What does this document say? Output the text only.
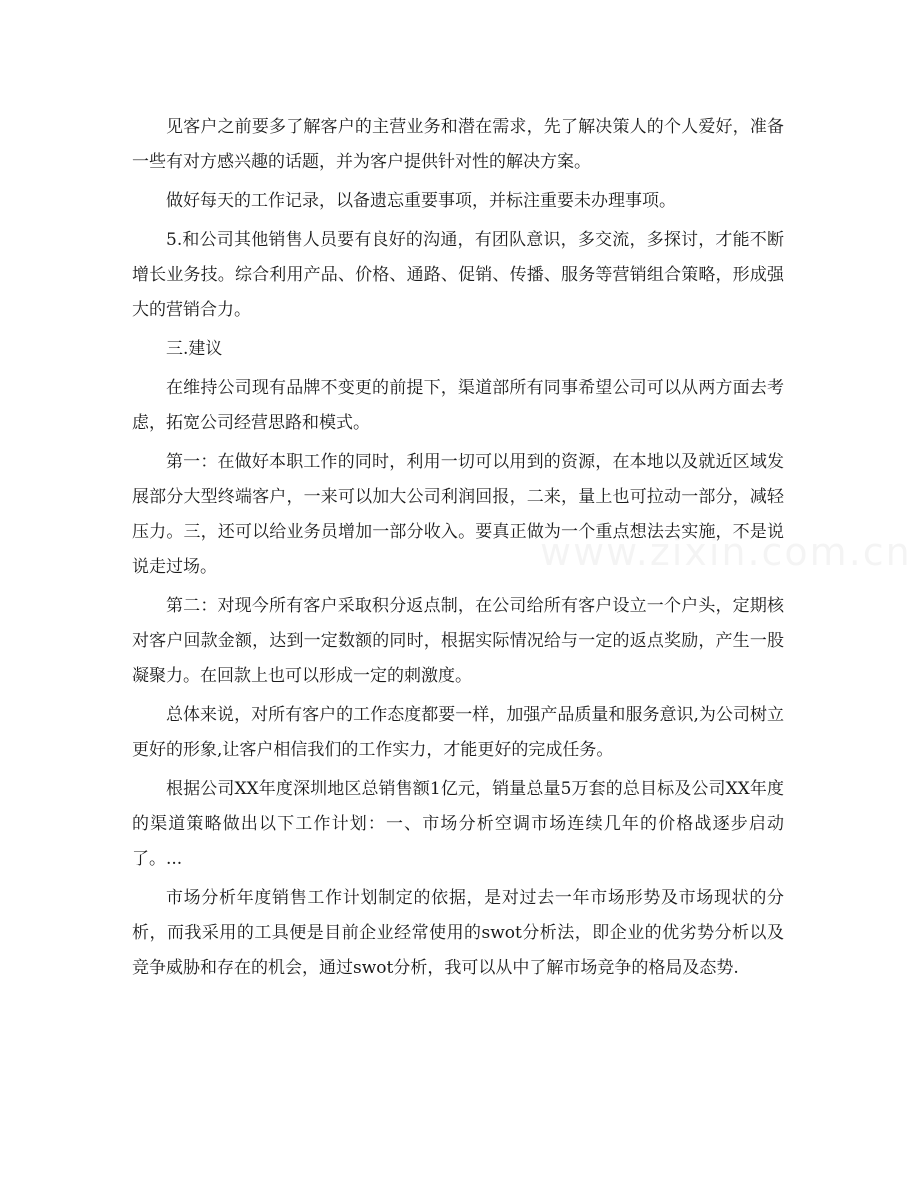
见客户之前要多了解客户的主营业务和潜在需求，先了解决策人的个人爱好，准备一些有对方感兴趣的话题，并为客户提供针对性的解决方案。

做好每天的工作记录，以备遗忘重要事项，并标注重要未办理事项。

5.和公司其他销售人员要有良好的沟通，有团队意识，多交流，多探讨，才能不断增长业务技。综合利用产品、价格、通路、促销、传播、服务等营销组合策略，形成强大的营销合力。

三.建议

在维持公司现有品牌不变更的前提下，渠道部所有同事希望公司可以从两方面去考虑，拓宽公司经营思路和模式。

第一：在做好本职工作的同时，利用一切可以用到的资源，在本地以及就近区域发展部分大型终端客户，一来可以加大公司利润回报，二来，量上也可拉动一部分，减轻压力。三，还可以给业务员增加一部分收入。要真正做为一个重点想法去实施，不是说说走过场。

第二：对现今所有客户采取积分返点制，在公司给所有客户设立一个户头，定期核对客户回款金额，达到一定数额的同时，根据实际情况给与一定的返点奖励，产生一股凝聚力。在回款上也可以形成一定的刺激度。

总体来说，对所有客户的工作态度都要一样，加强产品质量和服务意识,为公司树立更好的形象,让客户相信我们的工作实力，才能更好的完成任务。

根据公司XX年度深圳地区总销售额1亿元，销量总量5万套的总目标及公司XX年度的渠道策略做出以下工作计划：一、市场分析空调市场连续几年的价格战逐步启动了。...

市场分析年度销售工作计划制定的依据，是对过去一年市场形势及市场现状的分析，而我采用的工具便是目前企业经常使用的swot分析法，即企业的优劣势分析以及竞争威胁和存在的机会，通过swot分析，我可以从中了解市场竞争的格局及态势.
